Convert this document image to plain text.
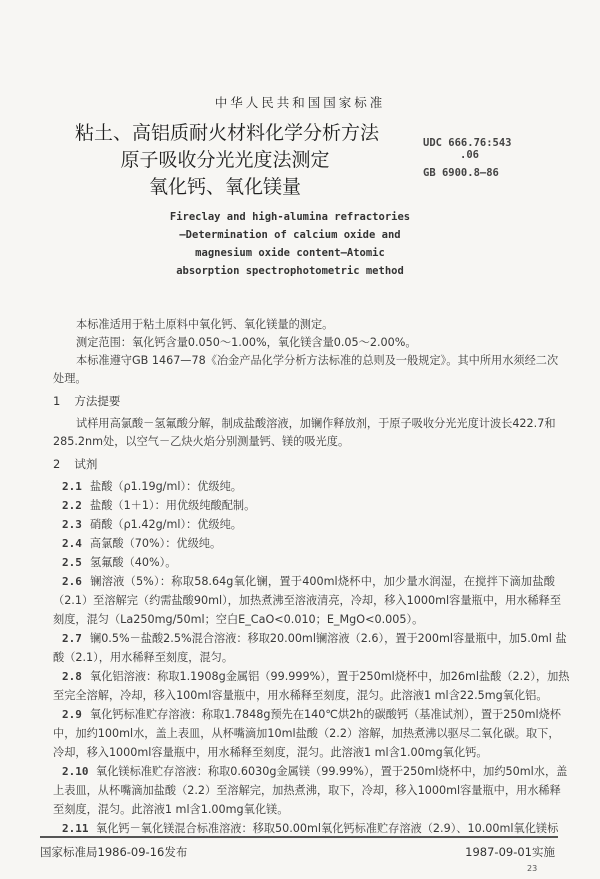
中华人民共和国国家标准
粘土、高铝质耐火材料化学分析方法
原子吸收分光光度法测定
氧化钙、氧化镁量
UDC 666.76:543
.06
GB 6900.8—86
Fireclay and high-alumina refractories
—Determination of calcium oxide and
magnesium oxide content—Atomic
absorption spectrophotometric method
本标准适用于粘土原料中氧化钙、氧化镁量的测定。
测定范围：氧化钙含量0.050～1.00%，氧化镁含量0.05～2.00%。
本标准遵守GB 1467—78《冶金产品化学分析方法标准的总则及一般规定》。其中所用水须经二次
处理。
1 方法提要
试样用高氯酸－氢氟酸分解，制成盐酸溶液，加镧作释放剂，于原子吸收分光光度计波长422.7和
285.2nm处，以空气－乙炔火焰分别测量钙、镁的吸光度。
2 试剂
2.1 盐酸（ρ1.19g/ml）：优级纯。
2.2 盐酸（1＋1）：用优级纯酸配制。
2.3 硝酸（ρ1.42g/ml）：优级纯。
2.4 高氯酸（70%）：优级纯。
2.5 氢氟酸（40%）。
2.6 镧溶液（5%）：称取58.64g氧化镧，置于400ml烧杯中，加少量水润湿，在搅拌下滴加盐酸
（2.1）至溶解完（约需盐酸90ml），加热煮沸至溶液清亮，冷却，移入1000ml容量瓶中，用水稀释至
刻度，混匀（La250mg/50ml；空白E_CaO<0.010；E_MgO<0.005）。
2.7 镧0.5%－盐酸2.5%混合溶液：移取20.00ml镧溶液（2.6），置于200ml容量瓶中，加5.0ml 盐
酸（2.1），用水稀释至刻度，混匀。
2.8 氧化铝溶液：称取1.1908g金属铝（99.999%），置于250ml烧杯中，加26ml盐酸（2.2），加热
至完全溶解，冷却，移入100ml容量瓶中，用水稀释至刻度，混匀。此溶液1 ml含22.5mg氧化铝。
2.9 氧化钙标准贮存溶液：称取1.7848g预先在140℃烘2h的碳酸钙（基准试剂），置于250ml烧杯
中，加约100ml水，盖上表皿，从杯嘴滴加10ml盐酸（2.2）溶解，加热煮沸以驱尽二氧化碳。取下，
冷却，移入1000ml容量瓶中，用水稀释至刻度，混匀。此溶液1 ml含1.00mg氧化钙。
2.10 氧化镁标准贮存溶液：称取0.6030g金属镁（99.99%），置于250ml烧杯中，加约50ml水，盖
上表皿，从杯嘴滴加盐酸（2.2）至溶解完，加热煮沸，取下，冷却，移入1000ml容量瓶中，用水稀释
至刻度，混匀。此溶液1 ml含1.00mg氧化镁。
2.11 氧化钙－氧化镁混合标准溶液：移取50.00ml氧化钙标准贮存溶液（2.9）、10.00ml氧化镁标
国家标准局1986-09-16发布	1987-09-01实施
23
